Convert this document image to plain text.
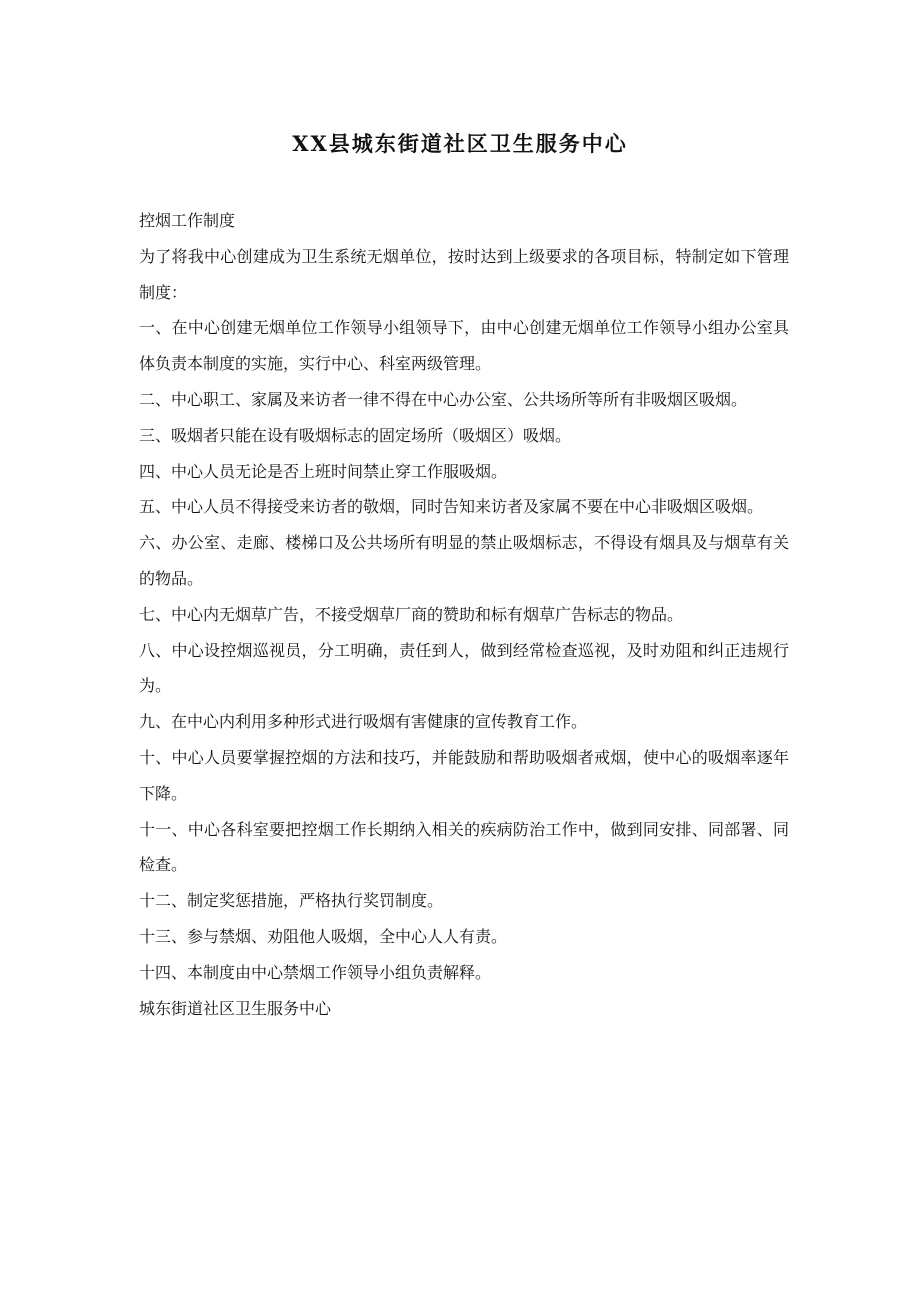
XX县城东街道社区卫生服务中心

控烟工作制度

为了将我中心创建成为卫生系统无烟单位，按时达到上级要求的各项目标，特制定如下管理制度：

一、在中心创建无烟单位工作领导小组领导下，由中心创建无烟单位工作领导小组办公室具体负责本制度的实施，实行中心、科室两级管理。

二、中心职工、家属及来访者一律不得在中心办公室、公共场所等所有非吸烟区吸烟。

三、吸烟者只能在设有吸烟标志的固定场所（吸烟区）吸烟。

四、中心人员无论是否上班时间禁止穿工作服吸烟。

五、中心人员不得接受来访者的敬烟，同时告知来访者及家属不要在中心非吸烟区吸烟。

六、办公室、走廊、楼梯口及公共场所有明显的禁止吸烟标志，不得设有烟具及与烟草有关的物品。

七、中心内无烟草广告，不接受烟草厂商的赞助和标有烟草广告标志的物品。

八、中心设控烟巡视员，分工明确，责任到人，做到经常检查巡视，及时劝阻和纠正违规行为。

九、在中心内利用多种形式进行吸烟有害健康的宣传教育工作。

十、中心人员要掌握控烟的方法和技巧，并能鼓励和帮助吸烟者戒烟，使中心的吸烟率逐年下降。

十一、中心各科室要把控烟工作长期纳入相关的疾病防治工作中，做到同安排、同部署、同检查。

十二、制定奖惩措施，严格执行奖罚制度。

十三、参与禁烟、劝阻他人吸烟，全中心人人有责。

十四、本制度由中心禁烟工作领导小组负责解释。

城东街道社区卫生服务中心
